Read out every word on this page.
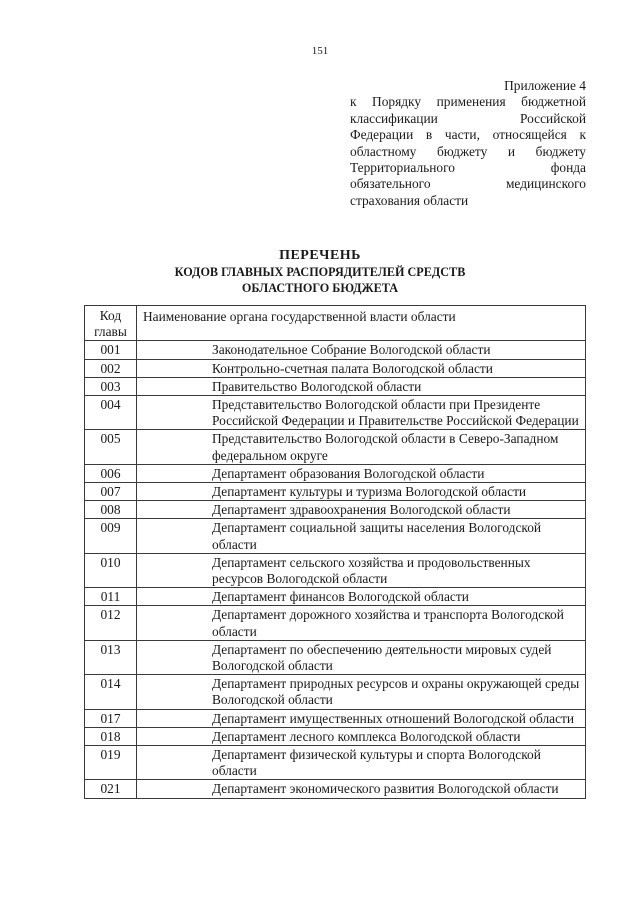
151
Приложение 4
к Порядку применения бюджетной
классификации Российской
Федерации в части, относящейся к
областному бюджету и бюджету
Территориального фонда
обязательного медицинского
страхования области
ПЕРЕЧЕНЬ
КОДОВ ГЛАВНЫХ РАСПОРЯДИТЕЛЕЙ СРЕДСТВ
ОБЛАСТНОГО БЮДЖЕТА
Код
главы	Наименование органа государственной власти области
001	Законодательное Собрание Вологодской области
002	Контрольно-счетная палата Вологодской области
003	Правительство Вологодской области
004	Представительство Вологодской области при Президенте Российской Федерации и Правительстве Российской Федерации
005	Представительство Вологодской области в Северо-Западном федеральном округе
006	Департамент образования Вологодской области
007	Департамент культуры и туризма Вологодской области
008	Департамент здравоохранения Вологодской области
009	Департамент социальной защиты населения Вологодской области
010	Департамент сельского хозяйства и продовольственных ресурсов Вологодской области
011	Департамент финансов Вологодской области
012	Департамент дорожного хозяйства и транспорта Вологодской области
013	Департамент по обеспечению деятельности мировых судей Вологодской области
014	Департамент природных ресурсов и охраны окружающей среды Вологодской области
017	Департамент имущественных отношений Вологодской области
018	Департамент лесного комплекса Вологодской области
019	Департамент физической культуры и спорта Вологодской области
021	Департамент экономического развития Вологодской области
